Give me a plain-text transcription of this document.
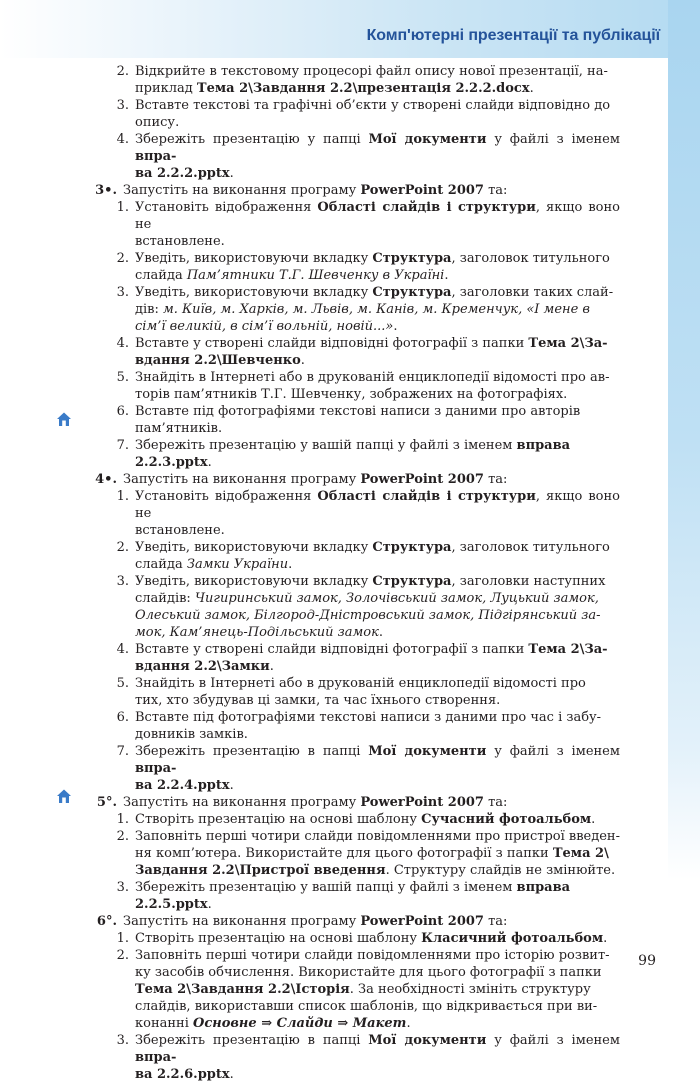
Комп'ютерні презентації та публікації
2. Відкрийте в текстовому процесорі файл опису нової презентації, на-
приклад Тема 2\Завдання 2.2\презентація 2.2.2.docx.
3. Вставте текстові та графічні об’єкти у створені слайди відповідно до
опису.
4. Збережіть презентацію у папці Мої документи у файлі з іменем впра-
ва 2.2.2.pptx.
3•. Запустіть на виконання програму PowerPoint 2007 та:
1. Установіть відображення Області слайдів і структури, якщо воно не
встановлене.
2. Уведіть, використовуючи вкладку Структура, заголовок титульного
слайда Пам’ятники Т.Г. Шевченку в Україні.
3. Уведіть, використовуючи вкладку Структура, заголовки таких слай-
дів: м. Київ, м. Харків, м. Львів, м. Канів, м. Кременчук, «І мене в
сім’ї великій, в сім’ї вольній, новій...».
4. Вставте у створені слайди відповідні фотографії з папки Тема 2\За-
вдання 2.2\Шевченко.
5. Знайдіть в Інтернеті або в друкованій енциклопедії відомості про ав-
торів пам’ятників Т.Г. Шевченку, зображених на фотографіях.
6. Вставте під фотографіями текстові написи з даними про авторів
пам’ятників.
7. Збережіть презентацію у вашій папці у файлі з іменем вправа
2.2.3.pptx.
4•. Запустіть на виконання програму PowerPoint 2007 та:
1. Установіть відображення Області слайдів і структури, якщо воно не
встановлене.
2. Уведіть, використовуючи вкладку Структура, заголовок титульного
слайда Замки України.
3. Уведіть, використовуючи вкладку Структура, заголовки наступних
слайдів: Чигиринський замок, Золочівський замок, Луцький замок,
Олеський замок, Білгород-Дністровський замок, Підгірянський за-
мок, Кам’янець-Подільський замок.
4. Вставте у створені слайди відповідні фотографії з папки Тема 2\За-
вдання 2.2\Замки.
5. Знайдіть в Інтернеті або в друкованій енциклопедії відомості про
тих, хто збудував ці замки, та час їхнього створення.
6. Вставте під фотографіями текстові написи з даними про час і забу-
довників замків.
7. Збережіть презентацію в папці Мої документи у файлі з іменем впра-
ва 2.2.4.pptx.
5°. Запустіть на виконання програму PowerPoint 2007 та:
1. Створіть презентацію на основі шаблону Сучасний фотоальбом.
2. Заповніть перші чотири слайди повідомленнями про пристрої введен-
ня комп’ютера. Використайте для цього фотографії з папки Тема 2\
Завдання 2.2\Пристрої введення. Структуру слайдів не змінюйте.
3. Збережіть презентацію у вашій папці у файлі з іменем вправа
2.2.5.pptx.
6°. Запустіть на виконання програму PowerPoint 2007 та:
1. Створіть презентацію на основі шаблону Класичний фотоальбом.
2. Заповніть перші чотири слайди повідомленнями про історію розвит-
ку засобів обчислення. Використайте для цього фотографії з папки
Тема 2\Завдання 2.2\Історія. За необхідності змініть структуру
слайдів, використавши список шаблонів, що відкривається при ви-
конанні Основне ⇒ Слайди ⇒ Макет.
3. Збережіть презентацію в папці Мої документи у файлі з іменем впра-
ва 2.2.6.pptx.
99
